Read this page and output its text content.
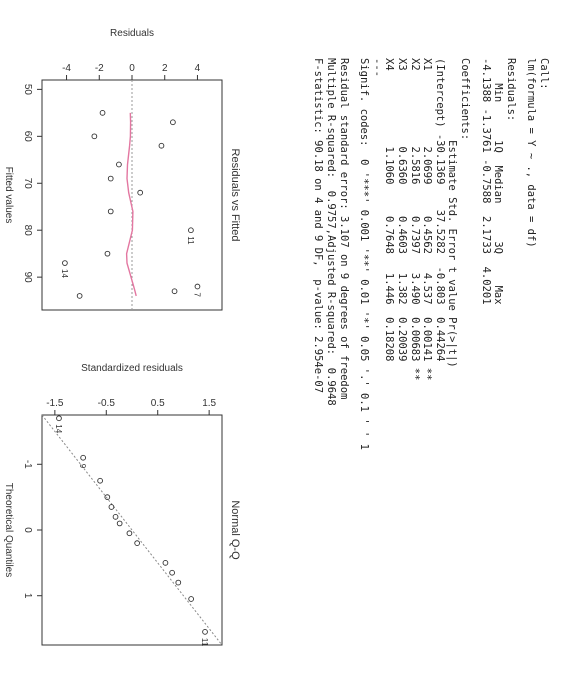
Call:
lm(formula = Y ~ ., data = df)
Residuals:
Min      1Q  Median      3Q     Max
-4.1388 -1.3761 -0.7588  2.1733  4.0201
Coefficients:
Estimate Std. Error t value Pr(>|t|)
(Intercept) -30.1369    37.5282  -0.803  0.44264
X1            2.0699     0.4562   4.537  0.00141 **
X2            2.5816     0.7397   3.490  0.00683 **
X3            0.6360     0.4603   1.382  0.20039
X4            1.1060     0.7648   1.446  0.18208
---
Signif. codes:  0 '***' 0.001 '**' 0.01 '*' 0.05 '.' 0.1 ' ' 1
Residual standard error: 3.107 on 9 degrees of freedom
Multiple R-squared:  0.9757,Adjusted R-squared:  0.9648
F-statistic: 90.18 on 4 and 9 DF,  p-value: 2.954e-07
Residuals vs Fitted
Fitted values
Residuals
50
60
70
80
90
-4 -2	0	2	4
11
14
7
Normal Q-Q
Theoretical Quantiles
Standardized residuals
-1
0
1
-1.5	-0.5	0.5	1.5
14
9
11
